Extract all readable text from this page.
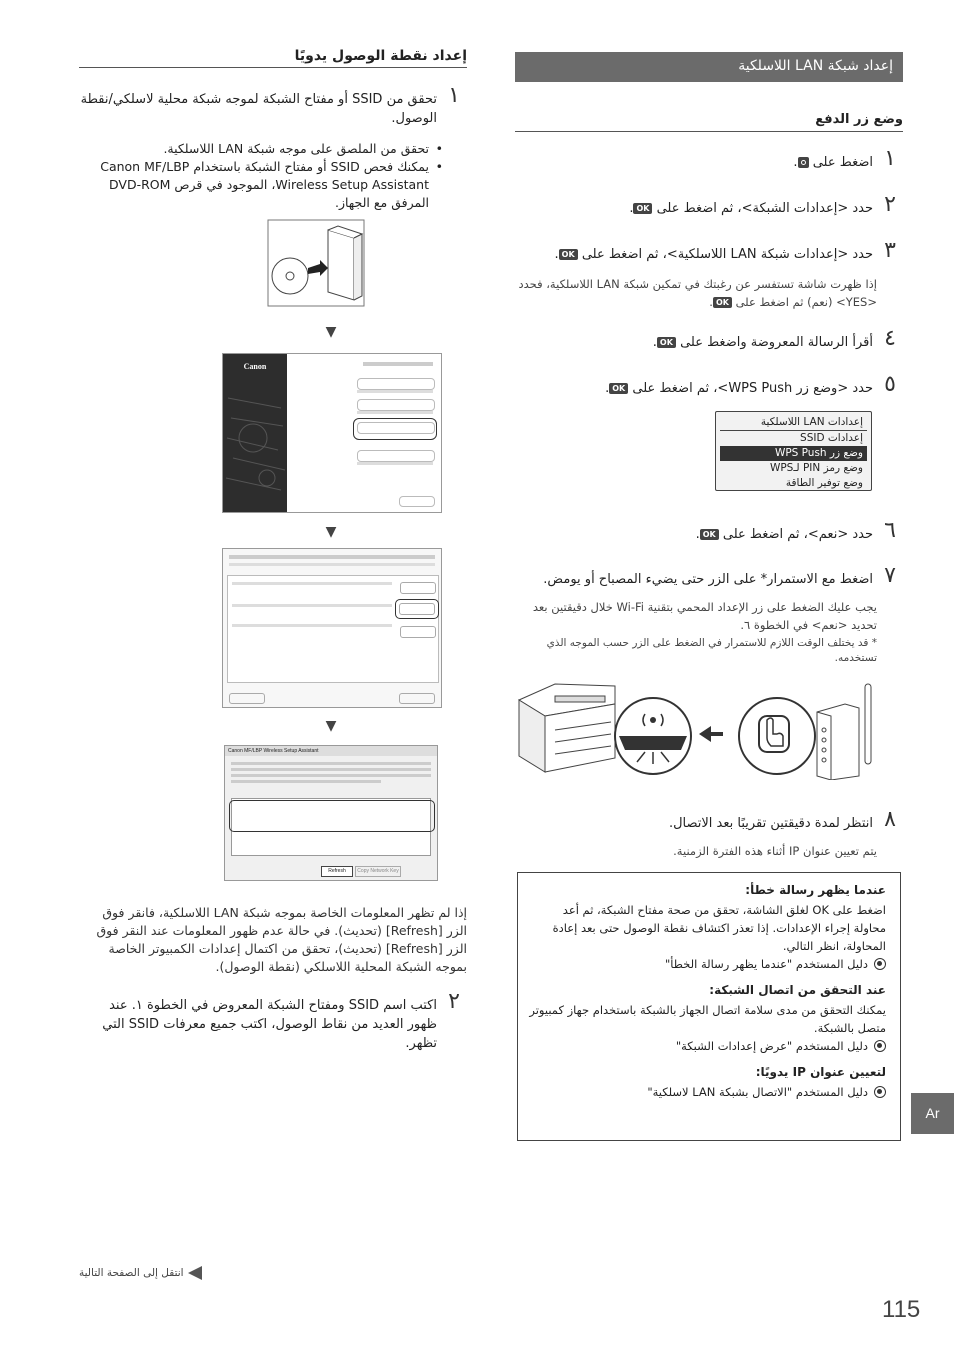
إعداد نقطة الوصول يدويًا
١
تحقق من SSID أو مفتاح الشبكة لموجه شبكة محلية لاسلكي/نقطة الوصول.
• تحقق من الملصق على موجه شبكة LAN اللاسلكية.
• يمكنك فحص SSID أو مفتاح الشبكة باستخدام Canon MF/LBP Wireless Setup Assistant، الموجود في قرص DVD-ROM المرفق مع الجهاز.
▼
Canon
▼
▼
Canon MF/LBP Wireless Setup Assistant
Refresh	Copy Network Key
إذا لم تظهر المعلومات الخاصة بموجه شبكة LAN اللاسلكية، فانقر فوق الزر [Refresh] (تحديث). في حالة عدم ظهور المعلومات عند النقر فوق الزر [Refresh] (تحديث)، تحقق من اكتمال إعدادات الكمبيوتر الخاصة بموجه الشبكة المحلية اللاسلكي (نقطة الوصول).
٢
اكتب اسم SSID ومفتاح الشبكة المعروض في الخطوة ١. عند ظهور العديد من نقاط الوصول، اكتب جميع معرفات SSID التي تظهر.
إعداد شبكة LAN اللاسلكية
وضع زر الدفع
١
اضغط على
.
٢
حدد <إعدادات الشبكة>، ثم اضغط على OK.
٣
حدد <إعدادات شبكة LAN اللاسلكية>، ثم اضغط على OK.
إذا ظهرت شاشة تستفسر عن رغبتك في تمكين شبكة LAN اللاسلكية، فحدد
<YES> (نعم) ثم اضغط على OK.
٤
أقرأ الرسالة المعروضة واضغط على OK.
٥
حدد <وضع زر WPS Push>، ثم اضغط على OK.
إعدادات LAN اللاسلكية
إعدادات SSID
وضع زر WPS Push
وضع رمز PIN لـWPS
وضع توفير الطاقة
٦
حدد <نعم>، ثم اضغط على OK.
٧
اضغط مع الاستمرار* على الزر حتى يضيء المصباح أو يومض.
يجب عليك الضغط على زر الإعداد المحمي بتقنية Wi-Fi خلال دقيقتين بعد تحديد <نعم> في الخطوة ٦.
* قد يختلف الوقت اللازم للاستمرار في الضغط على الزر حسب الموجه الذي تستخدمه.
٨
انتظر لمدة دقيقتين تقريبًا بعد الاتصال.
يتم تعيين عنوان IP أثناء هذه الفترة الزمنية.
عندما يظهر رسالة خطأ:

اضغط على OK لغلق الشاشة، تحقق من صحة مفتاح الشبكة، ثم أعد محاولة إجراء الإعدادات. إذا تعذر اكتشاف نقطة الوصول حتى بعد إعادة المحاولة، انظر التالي.

دليل المستخدم "عندما يظهر رسالة الخطأ"
عند التحقق من اتصال الشبكة:

يمكنك التحقق من مدى سلامة اتصال الجهاز بالشبكة باستخدام جهاز كمبيوتر متصل بالشبكة.

دليل المستخدم "عرض إعدادات الشبكة"
لتعيين عنوان IP يدويًا:
دليل المستخدم "الاتصال بشبكة LAN لاسلكية"
Ar
انتقل إلى الصفحة التالية
115
